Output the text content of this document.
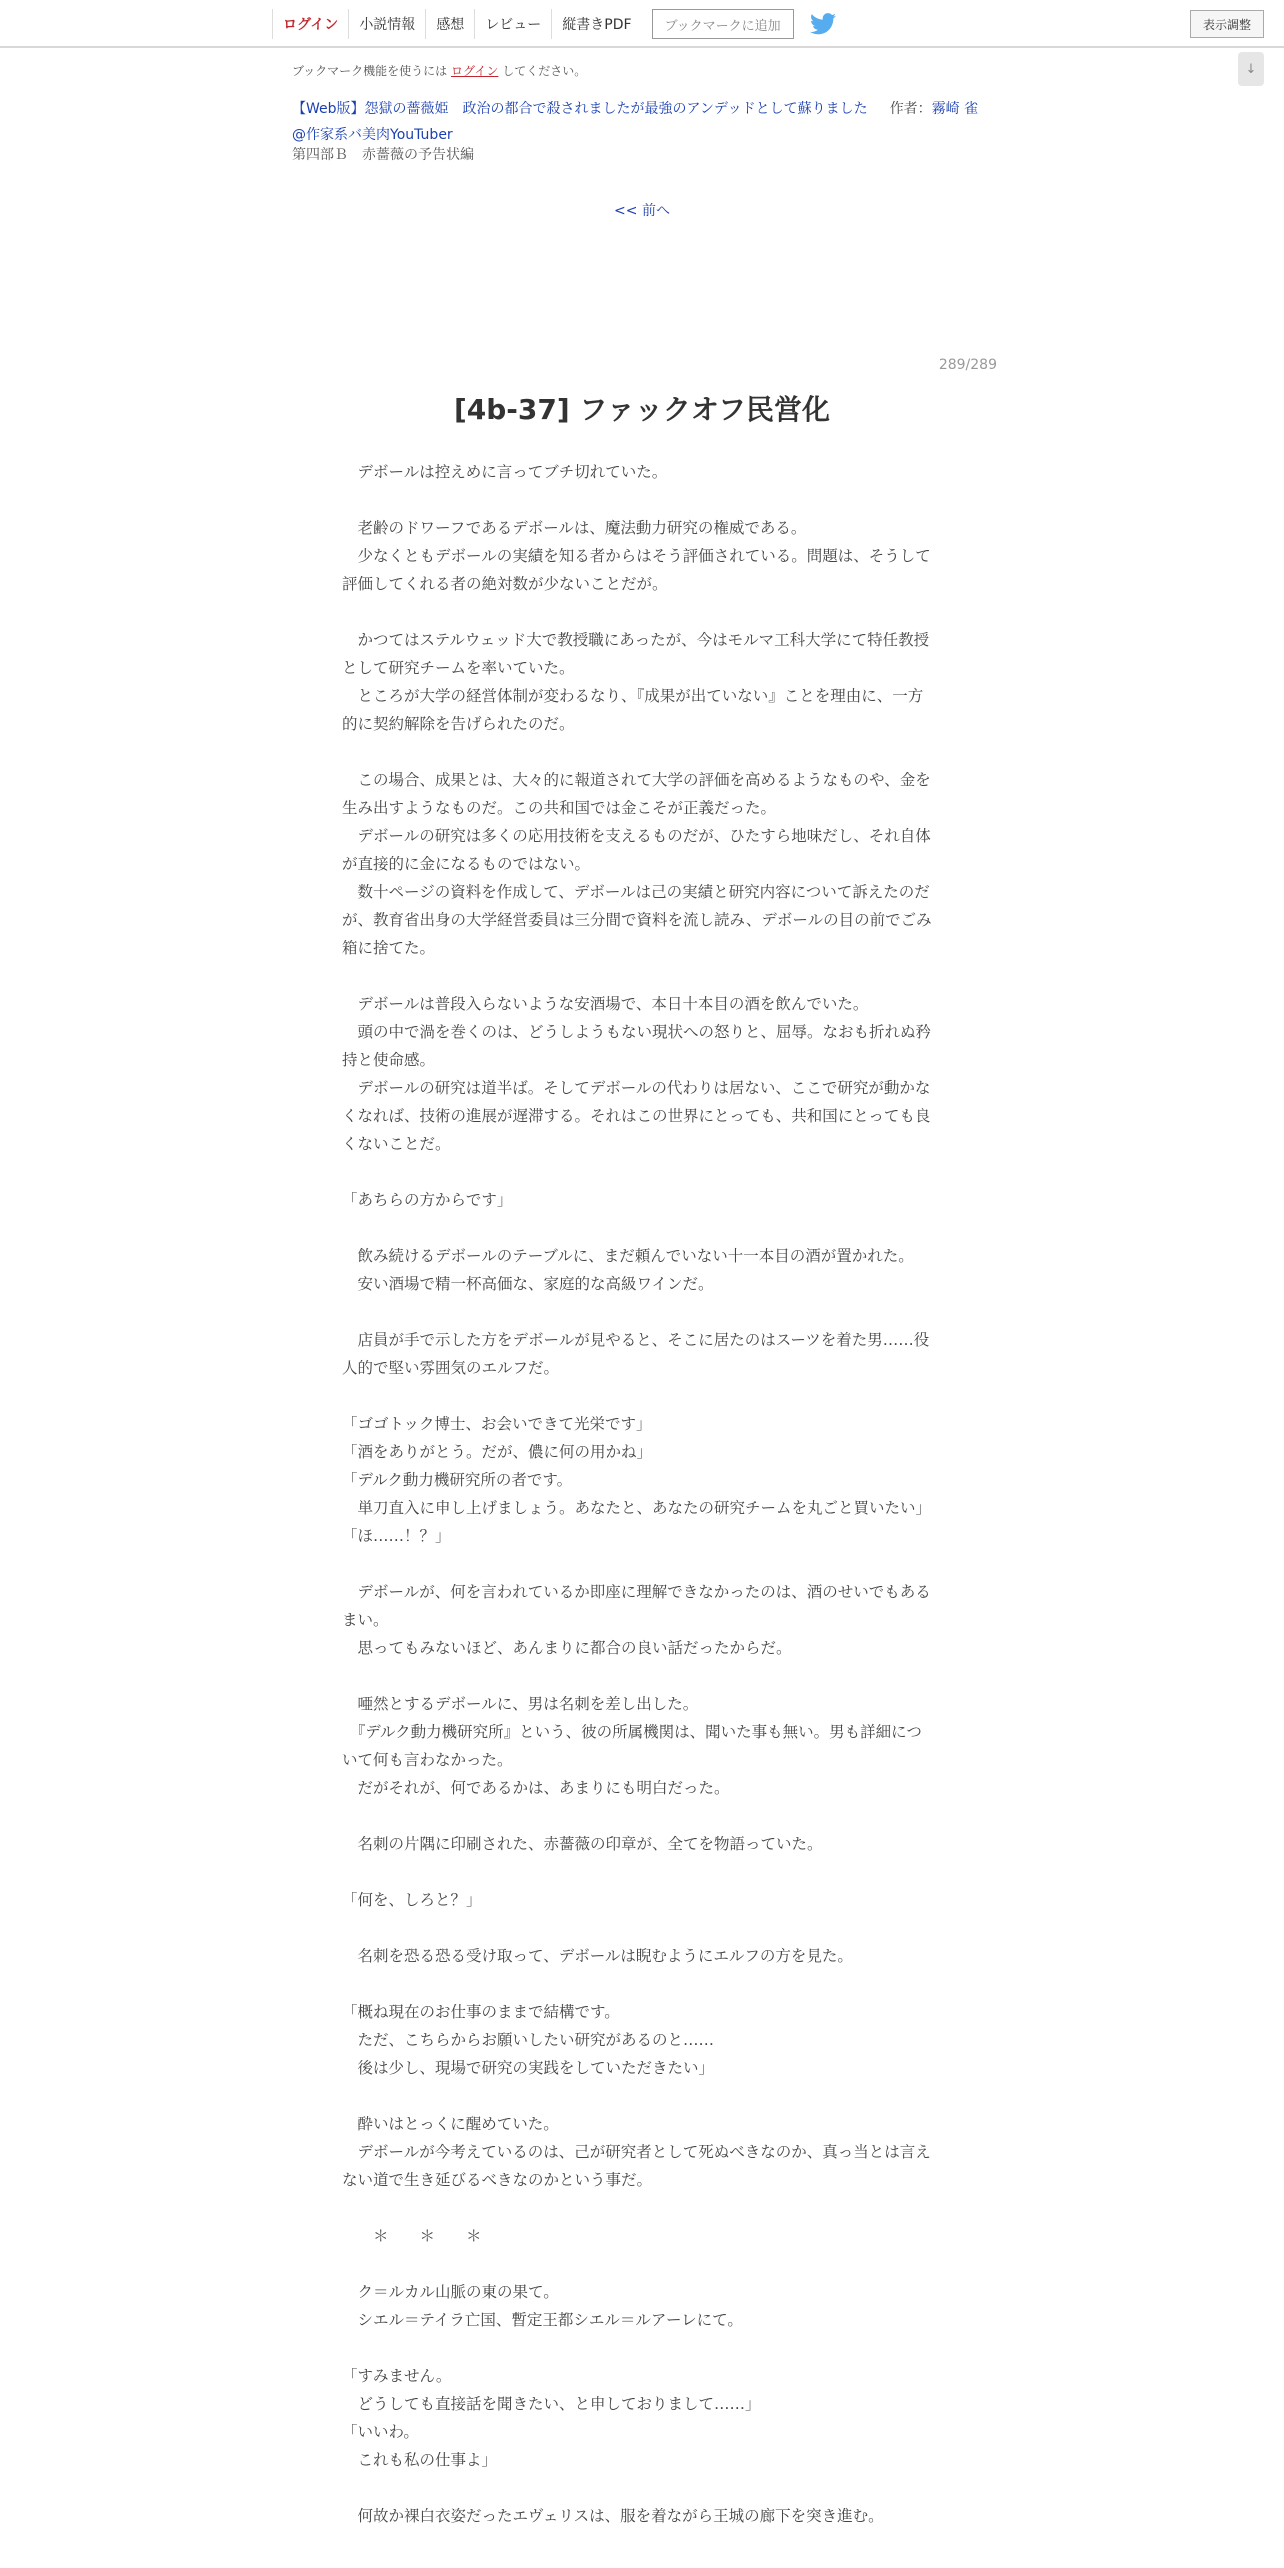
ログイン	小説情報	感想	レビュー	縦書きPDF	ブックマークに追加	表示調整
↓
ブックマーク機能を使うには ログイン してください。
【Web版】怨獄の薔薇姫　政治の都合で殺されましたが最強のアンデッドとして蘇りました 作者：霧崎 雀
@作家系バ美肉YouTuber
第四部Ｂ　赤薔薇の予告状編
<< 前へ
289/289
[4b-37] ファックオフ民営化

　デボールは控えめに言ってブチ切れていた。

　老齢のドワーフであるデボールは、魔法動力研究の権威である。

　少なくともデボールの実績を知る者からはそう評価されている。問題は、そうして評価してくれる者の絶対数が少ないことだが。

　かつてはステルウェッド大で教授職にあったが、今はモルマ工科大学にて特任教授として研究チームを率いていた。

　ところが大学の経営体制が変わるなり、『成果が出ていない』ことを理由に、一方的に契約解除を告げられたのだ。

　この場合、成果とは、大々的に報道されて大学の評価を高めるようなものや、金を生み出すようなものだ。この共和国では金こそが正義だった。

　デボールの研究は多くの応用技術を支えるものだが、ひたすら地味だし、それ自体が直接的に金になるものではない。

　数十ページの資料を作成して、デボールは己の実績と研究内容について訴えたのだが、教育省出身の大学経営委員は三分間で資料を流し読み、デボールの目の前でごみ箱に捨てた。

　デボールは普段入らないような安酒場で、本日十本目の酒を飲んでいた。

　頭の中で渦を巻くのは、どうしようもない現状への怒りと、屈辱。なおも折れぬ矜持と使命感。

　デボールの研究は道半ば。そしてデボールの代わりは居ない、ここで研究が動かなくなれば、技術の進展が遅滞する。それはこの世界にとっても、共和国にとっても良くないことだ。

「あちらの方からです」

　飲み続けるデボールのテーブルに、まだ頼んでいない十一本目の酒が置かれた。

　安い酒場で精一杯高価な、家庭的な高級ワインだ。

　店員が手で示した方をデボールが見やると、そこに居たのはスーツを着た男……役人的で堅い雰囲気のエルフだ。

「ゴゴトック博士、お会いできて光栄です」

「酒をありがとう。だが、儂に何の用かね」

「デルク動力機研究所の者です。

　単刀直入に申し上げましょう。あなたと、あなたの研究チームを丸ごと買いたい」

「ほ……！？」

　デボールが、何を言われているか即座に理解できなかったのは、酒のせいでもあるまい。

　思ってもみないほど、あんまりに都合の良い話だったからだ。

　唖然とするデボールに、男は名刺を差し出した。

　『デルク動力機研究所』という、彼の所属機関は、聞いた事も無い。男も詳細について何も言わなかった。

　だがそれが、何であるかは、あまりにも明白だった。

　名刺の片隅に印刷された、赤薔薇の印章が、全てを物語っていた。

「何を、しろと？」

　名刺を恐る恐る受け取って、デボールは睨むようにエルフの方を見た。

「概ね現在のお仕事のままで結構です。

　ただ、こちらからお願いしたい研究があるのと……

　後は少し、現場で研究の実践をしていただきたい」

　酔いはとっくに醒めていた。

　デボールが今考えているのは、己が研究者として死ぬべきなのか、真っ当とは言えない道で生き延びるべきなのかという事だ。

　　＊　　＊　　＊

　ク＝ルカル山脈の東の果て。

　シエル＝テイラ亡国、暫定王都シエル＝ルアーレにて。

「すみません。

　どうしても直接話を聞きたい、と申しておりまして……」

「いいわ。

　これも私の仕事よ」

　何故か裸白衣姿だったエヴェリスは、服を着ながら王城の廊下を突き進む。
